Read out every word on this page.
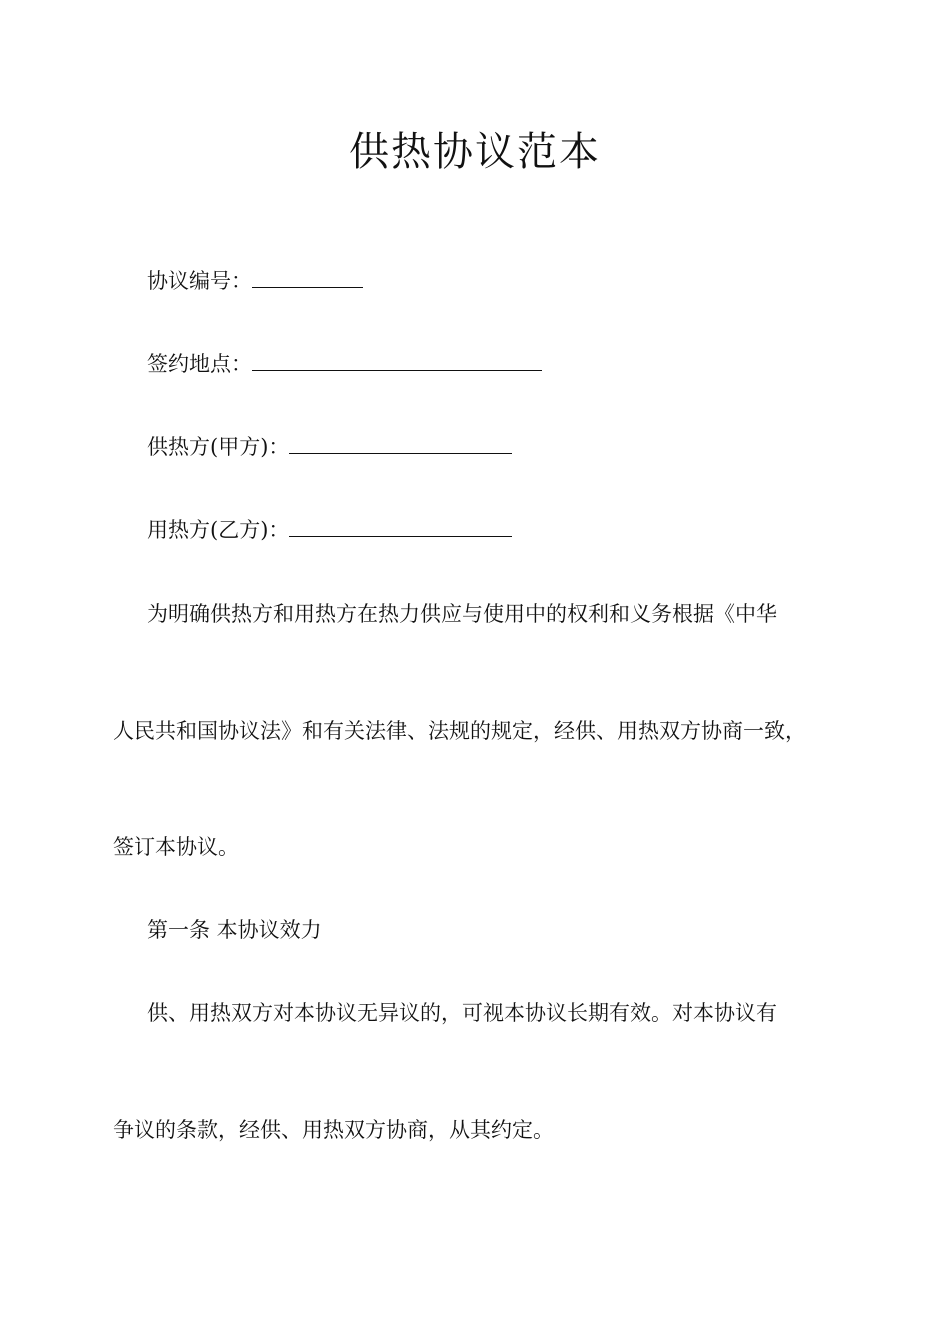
供热协议范本
协议编号：
签约地点：
供热方(甲方)：
用热方(乙方)：
为明确供热方和用热方在热力供应与使用中的权利和义务根据《中华
人民共和国协议法》和有关法律、法规的规定，经供、用热双方协商一致，
签订本协议。
第一条 本协议效力
供、用热双方对本协议无异议的，可视本协议长期有效。对本协议有
争议的条款，经供、用热双方协商，从其约定。
